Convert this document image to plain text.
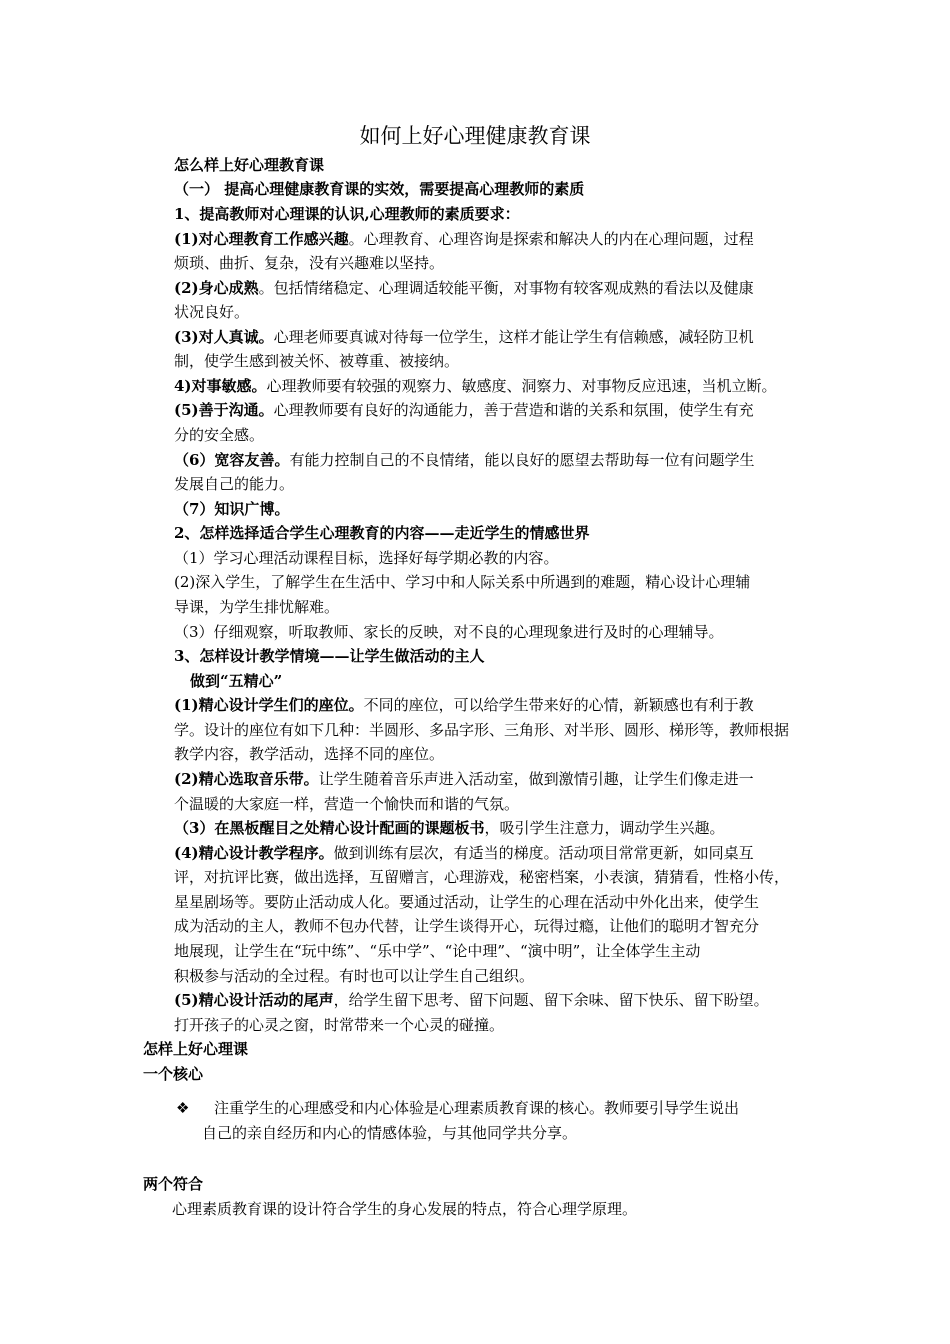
如何上好心理健康教育课
怎么样上好心理教育课
（一） 提高心理健康教育课的实效，需要提高心理教师的素质
1、提高教师对心理课的认识,心理教师的素质要求：
(1)对心理教育工作感兴趣。心理教育、心理咨询是探索和解决人的内在心理问题，过程
烦琐、曲折、复杂，没有兴趣难以坚持。
(2)身心成熟。包括情绪稳定、心理调适较能平衡，对事物有较客观成熟的看法以及健康
状况良好。
(3)对人真诚。心理老师要真诚对待每一位学生，这样才能让学生有信赖感，减轻防卫机
制，使学生感到被关怀、被尊重、被接纳。
4)对事敏感。心理教师要有较强的观察力、敏感度、洞察力、对事物反应迅速，当机立断。
(5)善于沟通。心理教师要有良好的沟通能力，善于营造和谐的关系和氛围，使学生有充
分的安全感。
（6）宽容友善。有能力控制自己的不良情绪，能以良好的愿望去帮助每一位有问题学生
发展自己的能力。
（7）知识广博。
2、怎样选择适合学生心理教育的内容——走近学生的情感世界
（1）学习心理活动课程目标，选择好每学期必教的内容。
(2)深入学生，了解学生在生活中、学习中和人际关系中所遇到的难题，精心设计心理辅
导课，为学生排忧解难。
（3）仔细观察，听取教师、家长的反映，对不良的心理现象进行及时的心理辅导。
3、怎样设计教学情境——让学生做活动的主人
做到“五精心”
(1)精心设计学生们的座位。不同的座位，可以给学生带来好的心情，新颖感也有利于教
学。设计的座位有如下几种：半圆形、多品字形、三角形、对半形、圆形、梯形等，教师根据
教学内容，教学活动，选择不同的座位。
(2)精心选取音乐带。让学生随着音乐声进入活动室，做到激情引趣，让学生们像走进一
个温暖的大家庭一样，营造一个愉快而和谐的气氛。
（3）在黑板醒目之处精心设计配画的课题板书，吸引学生注意力，调动学生兴趣。
(4)精心设计教学程序。做到训练有层次，有适当的梯度。活动项目常常更新，如同桌互
评，对抗评比赛，做出选择，互留赠言，心理游戏，秘密档案，小表演，猜猜看，性格小传，
星星剧场等。要防止活动成人化。要通过活动，让学生的心理在活动中外化出来，使学生
成为活动的主人，教师不包办代替，让学生谈得开心，玩得过瘾，让他们的聪明才智充分
地展现，让学生在“玩中练”、“乐中学”、“论中理”、“演中明”，让全体学生主动
积极参与活动的全过程。有时也可以让学生自己组织。
(5)精心设计活动的尾声，给学生留下思考、留下问题、留下余味、留下快乐、留下盼望。
打开孩子的心灵之窗，时常带来一个心灵的碰撞。
怎样上好心理课
一个核心
注重学生的心理感受和内心体验是心理素质教育课的核心。教师要引导学生说出
自己的亲自经历和内心的情感体验，与其他同学共分享。
两个符合
心理素质教育课的设计符合学生的身心发展的特点，符合心理学原理。
❖
